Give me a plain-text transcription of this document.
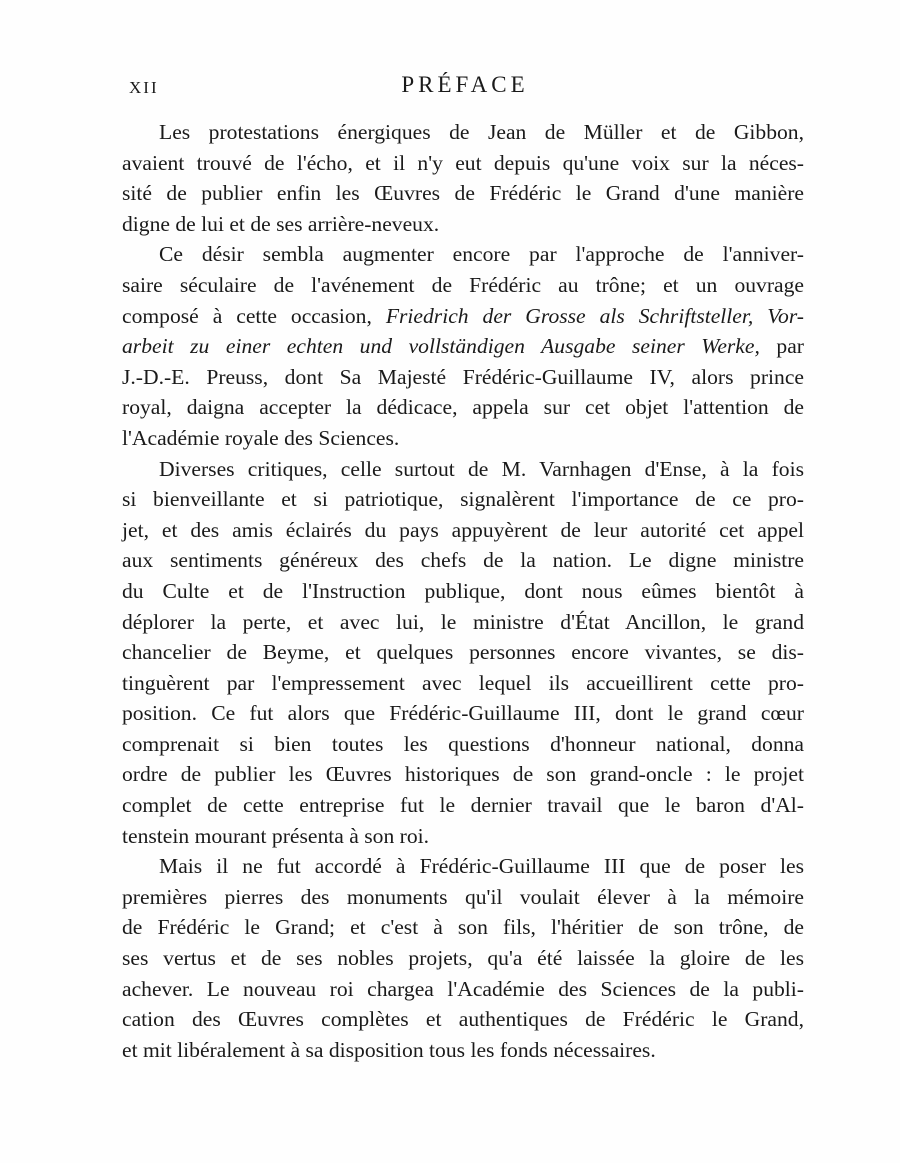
XII	PRÉFACE
Les protestations énergiques de Jean de Müller et de Gibbon,
avaient trouvé de l'écho, et il n'y eut depuis qu'une voix sur la néces-
sité de publier enfin les Œuvres de Frédéric le Grand d'une manière
digne de lui et de ses arrière-neveux.
Ce désir sembla augmenter encore par l'approche de l'anniver-
saire séculaire de l'avénement de Frédéric au trône; et un ouvrage
composé à cette occasion, Friedrich der Grosse als Schriftsteller, Vor-
arbeit zu einer echten und vollständigen Ausgabe seiner Werke, par
J.-D.-E. Preuss, dont Sa Majesté Frédéric-Guillaume IV, alors prince
royal, daigna accepter la dédicace, appela sur cet objet l'attention de
l'Académie royale des Sciences.
Diverses critiques, celle surtout de M. Varnhagen d'Ense, à la fois
si bienveillante et si patriotique, signalèrent l'importance de ce pro-
jet, et des amis éclairés du pays appuyèrent de leur autorité cet appel
aux sentiments généreux des chefs de la nation. Le digne ministre
du Culte et de l'Instruction publique, dont nous eûmes bientôt à
déplorer la perte, et avec lui, le ministre d'État Ancillon, le grand
chancelier de Beyme, et quelques personnes encore vivantes, se dis-
tinguèrent par l'empressement avec lequel ils accueillirent cette pro-
position. Ce fut alors que Frédéric-Guillaume III, dont le grand cœur
comprenait si bien toutes les questions d'honneur national, donna
ordre de publier les Œuvres historiques de son grand-oncle : le projet
complet de cette entreprise fut le dernier travail que le baron d'Al-
tenstein mourant présenta à son roi.
Mais il ne fut accordé à Frédéric-Guillaume III que de poser les
premières pierres des monuments qu'il voulait élever à la mémoire
de Frédéric le Grand; et c'est à son fils, l'héritier de son trône, de
ses vertus et de ses nobles projets, qu'a été laissée la gloire de les
achever. Le nouveau roi chargea l'Académie des Sciences de la publi-
cation des Œuvres complètes et authentiques de Frédéric le Grand,
et mit libéralement à sa disposition tous les fonds nécessaires.
